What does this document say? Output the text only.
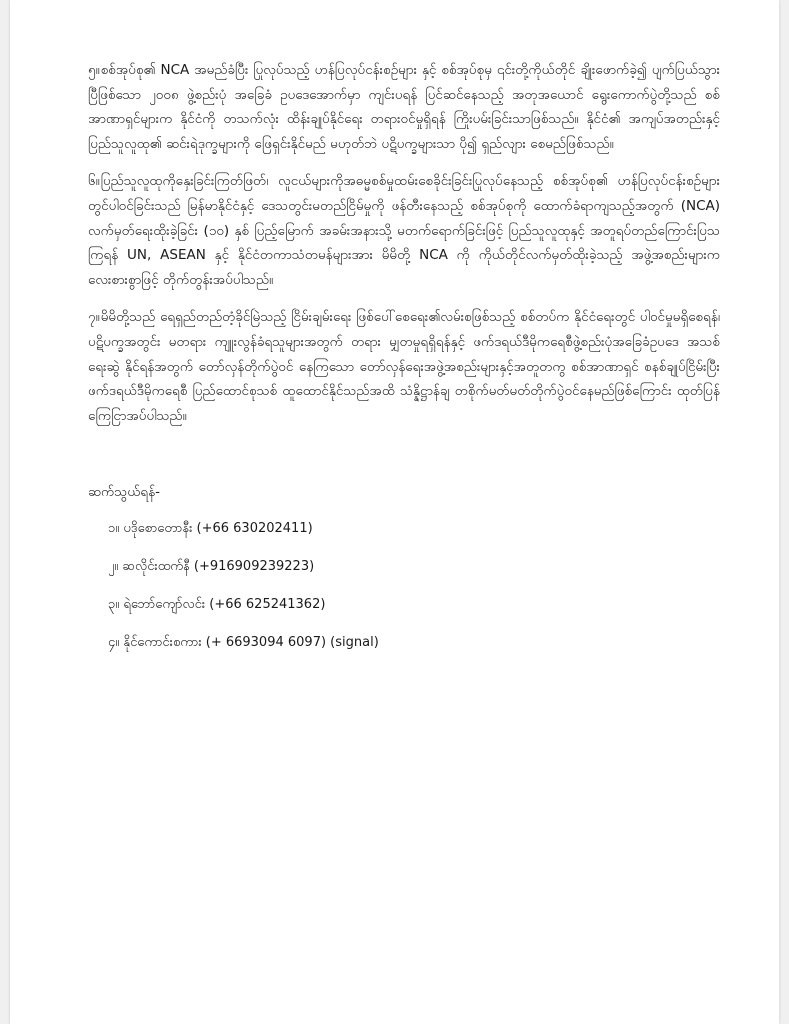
၅။စစ်အုပ်စု၏ NCA အမည်ခံပြီး ပြုလုပ်သည့် ဟန်ပြလုပ်ငန်းစဉ်များ နှင့် စစ်အုပ်စုမှ ၎င်းတို့ကိုယ်တိုင် ချိုးဖောက်ခဲ့၍ ပျက်ပြယ်သွားပြီဖြစ်သော ၂၀၀၈ ဖွဲ့စည်းပုံ အခြေခံ ဥပဒေအောက်မှာ ကျင်းပရန် ပြင်ဆင်နေသည့် အတုအယောင် ရွေးကောက်ပွဲတို့သည် စစ်အာဏာရှင်များက နိုင်ငံကို တသက်လုံး ထိန်းချုပ်နိုင်ရေး တရားဝင်မှုရှိရန် ကြိုးပမ်းခြင်းသာဖြစ်သည်။ နိုင်ငံ၏ အကျပ်အတည်းနှင့် ပြည်သူလူထု၏ ဆင်းရဲဒုက္ခများကို ဖြေရှင်းနိုင်မည် မဟုတ်ဘဲ ပဋိပက္ခများသာ ပို၍ ရှည်လျား စေမည်ဖြစ်သည်။

၆။ပြည်သူလူထုကိုနှေးခြင်းကြတ်ဖြတ်၊ လူငယ်များကိုအဓမ္မစစ်မှုထမ်းစေခိုင်းခြင်းပြုလုပ်နေသည့် စစ်အုပ်စု၏ ဟန်ပြလုပ်ငန်းစဉ်များ တွင်ပါဝင်ခြင်းသည် မြန်မာနိုင်ငံနှင့် ဒေသတွင်းမတည်ငြိမ်မှုကို ဖန်တီးနေသည့် စစ်အုပ်စုကို ထောက်ခံရာကျသည့်အတွက် (NCA) လက်မှတ်ရေးထိုးခဲ့ခြင်း (၁၀) နှစ် ပြည့်မြောက် အခမ်းအနားသို့ မတက်ရောက်ခြင်းဖြင့် ပြည်သူလူထုနှင့် အတူရပ်တည်ကြောင်းပြသကြရန် UN, ASEAN နှင့် နိုင်ငံတကာသံတမန်များအား မိမိတို့ NCA ကို ကိုယ်တိုင်လက်မှတ်ထိုးခဲ့သည့် အဖွဲ့အစည်းများက လေးစားစွာဖြင့် တိုက်တွန်းအပ်ပါသည်။

၇။မိမိတို့သည် ရေရှည်တည်တံ့ခိုင်မြဲသည့် ငြိမ်းချမ်းရေး ဖြစ်ပေါ်စေရေး၏လမ်းစဖြစ်သည့် စစ်တပ်က နိုင်ငံရေးတွင် ပါဝင်မှုမရှိစေရန်၊ ပဋိပက္ခအတွင်း မတရား ကျူးလွန်ခံရသူများအတွက် တရား မျှတမှုရရှိရန်နှင့် ဖက်ဒရယ်ဒီမိုကရေစီဖွဲ့စည်းပုံအခြေခံဥပဒေ အသစ်ရေးဆွဲ နိုင်ရန်အတွက် တော်လှန်တိုက်ပွဲဝင် နေကြသော တော်လှန်ရေးအဖွဲ့အစည်းများနှင့်အတူတကွ စစ်အာဏာရှင် စနစ်ချုပ်ငြိမ်းပြီး ဖက်ဒရယ်ဒီမိုကရေစီ ပြည်ထောင်စုသစ် ထူထောင်နိုင်သည်အထိ သံန္နိဋ္ဌာန်ချ တစိုက်မတ်မတ်တိုက်ပွဲဝင်နေမည်ဖြစ်ကြောင်း ထုတ်ပြန် ကြေငြာအပ်ပါသည်။

ဆက်သွယ်ရန်-
၁။ ပဒိုစောတောနီး (+66 630202411)
၂။ ဆလိုင်းထက်နီ (+916909239223)
၃။ ရဲဘော်ကျော်လင်း (+66 625241362)
၄။ နိုင်ကောင်းစကား (+ 6693094 6097) (signal)
